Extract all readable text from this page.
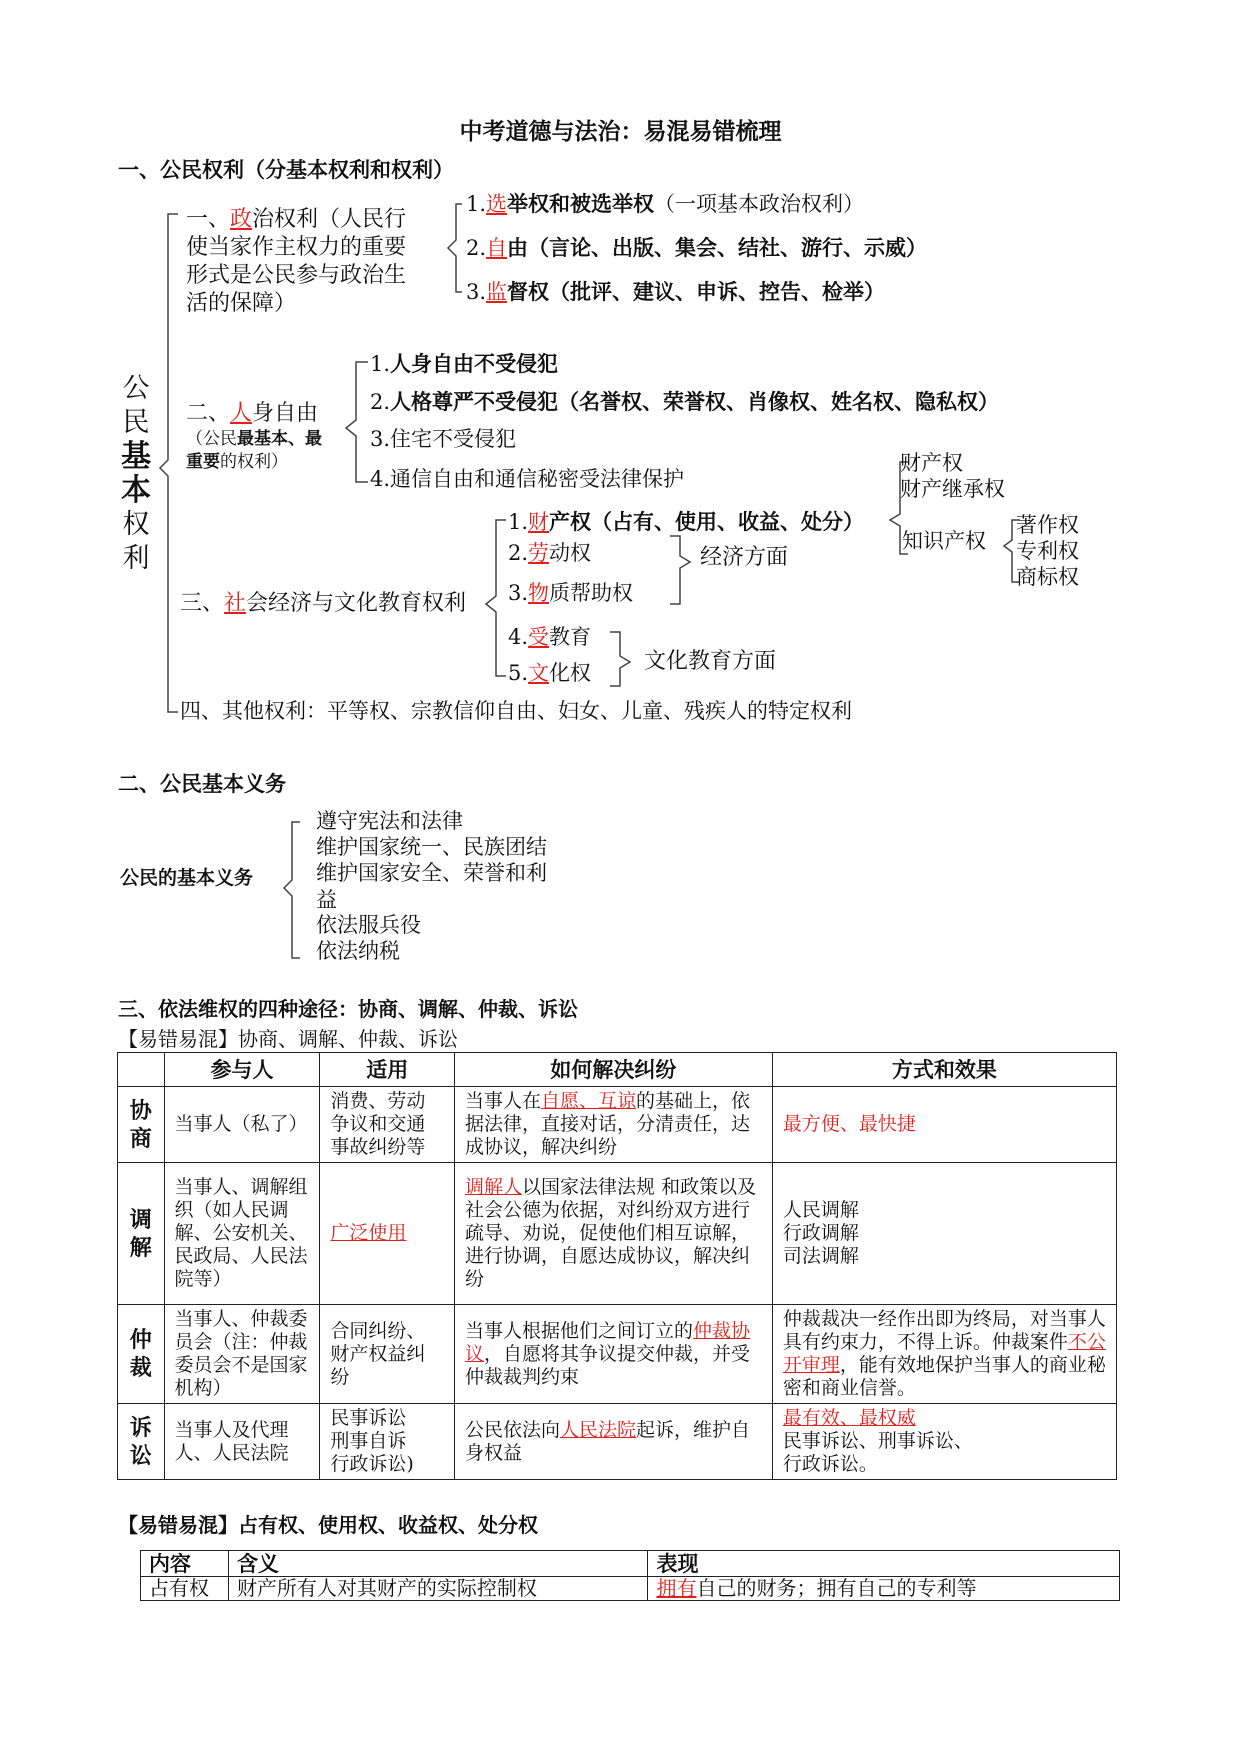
中考道德与法治：易混易错梳理
一、公民权利（分基本权利和权利）
公
民
基
本
权
利
一、政治权利（人民行使当家作主权力的重要形式是公民参与政治生活的保障）
1.选举权和被选举权（一项基本政治权利）
2.自由（言论、出版、集会、结社、游行、示威）
3.监督权（批评、建议、申诉、控告、检举）
二、人身自由
（公民最基本、最重要的权利）
1.人身自由不受侵犯
2.人格尊严不受侵犯（名誉权、荣誉权、肖像权、姓名权、隐私权）
3.住宅不受侵犯
4.通信自由和通信秘密受法律保护
三、社会经济与文化教育权利
1.财产权（占有、使用、收益、处分）
2.劳动权
3.物质帮助权
4.受教育
5.文化权
经济方面
文化教育方面
财产权
财产继承权
知识产权
著作权
专利权
商标权
四、其他权利：平等权、宗教信仰自由、妇女、儿童、残疾人的特定权利
二、公民基本义务
公民的基本义务
遵守宪法和法律
维护国家统一、民族团结
维护国家安全、荣誉和利益
依法服兵役
依法纳税
三、依法维权的四种途径：协商、调解、仲裁、诉讼
【易错易混】协商、调解、仲裁、诉讼
	参与人	适用	如何解决纠纷	方式和效果

协
商	当事人（私了）	消费、劳动争议和交通事故纠纷等	当事人在自愿、互谅的基础上，依据法律，直接对话，分清责任，达成协议，解决纠纷	最方便、最快捷

调
解	当事人、调解组织（如人民调解、公安机关、民政局、人民法院等）	广泛使用	调解人以国家法律法规 和政策以及社会公德为依据，对纠纷双方进行疏导、劝说，促使他们相互谅解，进行协调，自愿达成协议，解决纠纷	人民调解
行政调解
司法调解

仲
裁	当事人、仲裁委员会（注：仲裁委员会不是国家机构）	合同纠纷、财产权益纠纷	当事人根据他们之间订立的仲裁协议，自愿将其争议提交仲裁，并受仲裁裁判约束	仲裁裁决一经作出即为终局，对当事人具有约束力，不得上诉。仲裁案件不公开审理，能有效地保护当事人的商业秘密和商业信誉。

诉
讼	当事人及代理人、人民法院	民事诉讼
刑事自诉
行政诉讼)	公民依法向人民法院起诉，维护自身权益	最有效、最权威
民事诉讼、刑事诉讼、
行政诉讼。
【易错易混】占有权、使用权、收益权、处分权
内容	含义	表现
占有权	财产所有人对其财产的实际控制权	拥有自己的财务；拥有自己的专利等
